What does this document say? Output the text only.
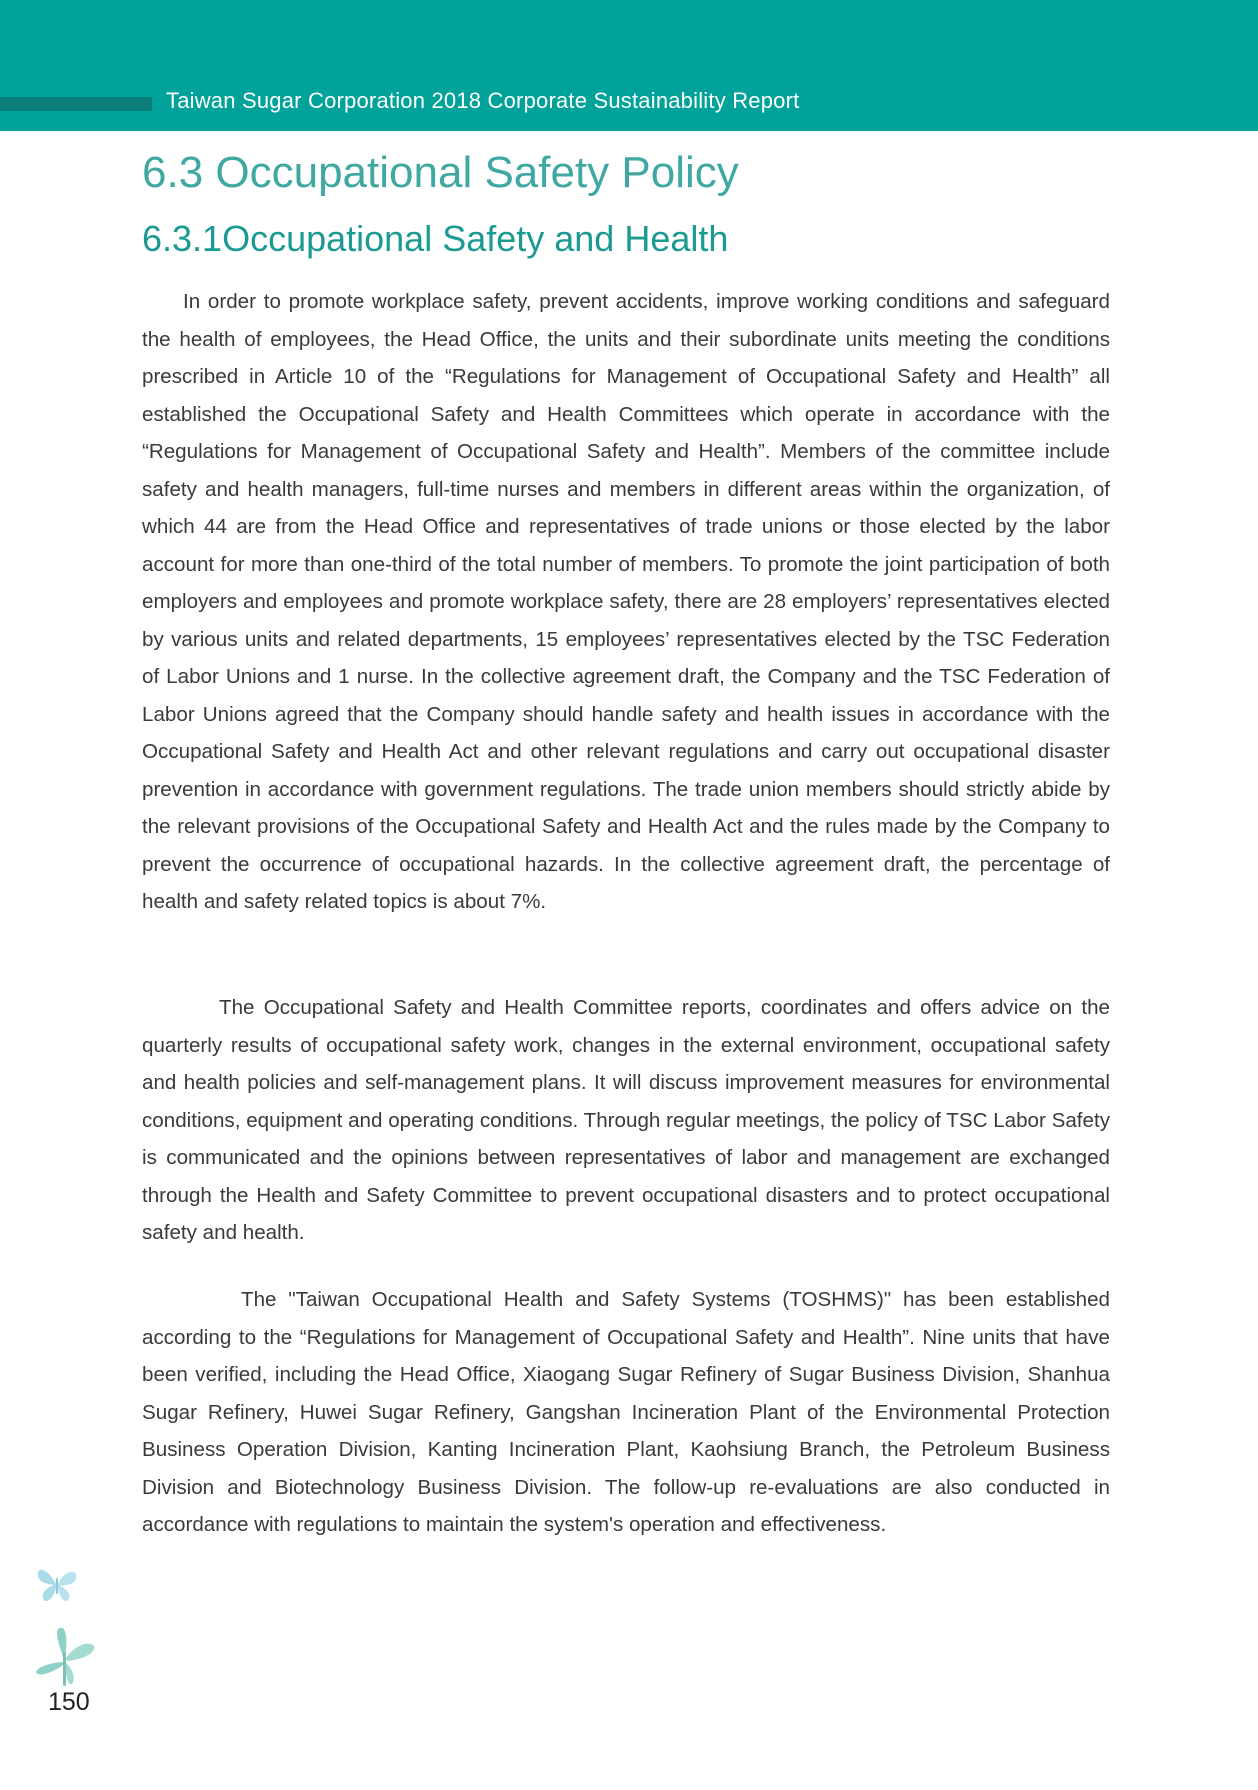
Taiwan Sugar Corporation 2018 Corporate Sustainability Report
6.3 Occupational Safety Policy
6.3.1Occupational Safety and Health

In order to promote workplace safety, prevent accidents, improve working conditions and safeguard the health of employees, the Head Office, the units and their subordinate units meeting the conditions prescribed in Article 10 of the “Regulations for Management of Occupational Safety and Health” all established the Occupational Safety and Health Committees which operate in accordance with the “Regulations for Management of Occupational Safety and Health”. Members of the committee include safety and health managers, full-time nurses and members in different areas within the organization, of which 44 are from the Head Office and representatives of trade unions or those elected by the labor account for more than one-third of the total number of members. To promote the joint participation of both employers and employees and promote workplace safety, there are 28 employers’ representatives elected by various units and related departments, 15 employees’ representatives elected by the TSC Federation of Labor Unions and 1 nurse. In the collective agreement draft, the Company and the TSC Federation of Labor Unions agreed that the Company should handle safety and health issues in accordance with the Occupational Safety and Health Act and other relevant regulations and carry out occupational disaster prevention in accordance with government regulations. The trade union members should strictly abide by the relevant provisions of the Occupational Safety and Health Act and the rules made by the Company to prevent the occurrence of occupational hazards. In the collective agreement draft, the percentage of health and safety related topics is about 7%.

The Occupational Safety and Health Committee reports, coordinates and offers advice on the quarterly results of occupational safety work, changes in the external environment, occupational safety and health policies and self-management plans. It will discuss improvement measures for environmental conditions, equipment and operating conditions. Through regular meetings, the policy of TSC Labor Safety is communicated and the opinions between representatives of labor and management are exchanged through the Health and Safety Committee to prevent occupational disasters and to protect occupational safety and health.

The "Taiwan Occupational Health and Safety Systems (TOSHMS)" has been established according to the “Regulations for Management of Occupational Safety and Health”. Nine units that have been verified, including the Head Office, Xiaogang Sugar Refinery of Sugar Business Division, Shanhua Sugar Refinery, Huwei Sugar Refinery, Gangshan Incineration Plant of the Environmental Protection Business Operation Division, Kanting Incineration Plant, Kaohsiung Branch, the Petroleum Business Division and Biotechnology Business Division. The follow-up re-evaluations are also conducted in accordance with regulations to maintain the system's operation and effectiveness.

150
